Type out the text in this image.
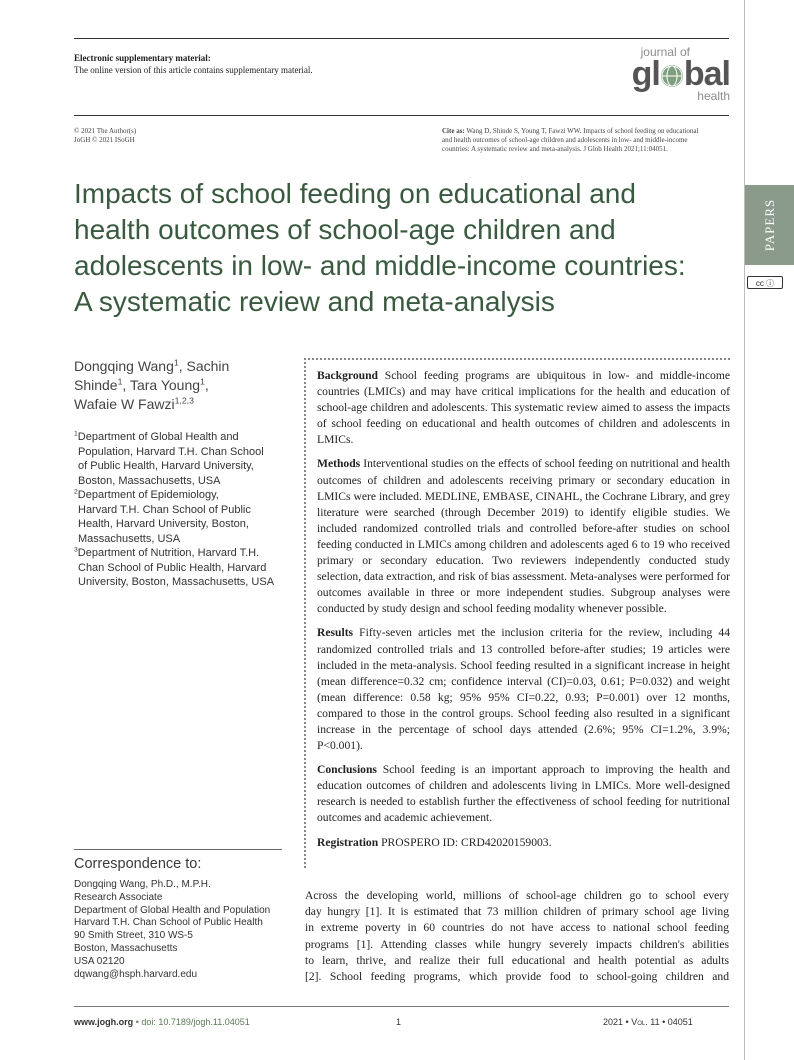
Electronic supplementary material:
The online version of this article contains supplementary material.
journal of
gl bal
health
© 2021 The Author(s)
JoGH © 2021 ISoGH
Cite as: Wang D, Shinde S, Young T, Fawzi WW. Impacts of school feeding on educational
and health outcomes of school-age children and adolescents in low- and middle-income
countries: A systematic review and meta-analysis. J Glob Health 2021;11:04051.
PAPERS
cc ⓘ
Impacts of school feeding on educational and
health outcomes of school-age children and
adolescents in low- and middle-income countries:
A systematic review and meta-analysis
Dongqing Wang$^1$, Sachin
Shinde$^1$, Tara Young$^1$,
Wafaie W Fawzi$^{1,2,3}$

$^1$Department of Global Health and

Population, Harvard T.H. Chan School

of Public Health, Harvard University,

Boston, Massachusetts, USA

$^2$Department of Epidemiology,

Harvard T.H. Chan School of Public

Health, Harvard University, Boston,

Massachusetts, USA

$^3$Department of Nutrition, Harvard T.H.

Chan School of Public Health, Harvard

University, Boston, Massachusetts, USA

Background School feeding programs are ubiquitous in low- and middle-income countries (LMICs) and may have critical implications for the health and education of school-age children and adolescents. This systematic review aimed to assess the impacts of school feeding on educational and health outcomes of children and adolescents in LMICs.

Methods Interventional studies on the effects of school feeding on nutritional and health outcomes of children and adolescents receiving primary or secondary education in LMICs were included. MEDLINE, EMBASE, CINAHL, the Cochrane Library, and grey literature were searched (through December 2019) to identify eligible studies. We included randomized controlled trials and controlled before-after studies on school feeding conducted in LMICs among children and adolescents aged 6 to 19 who received primary or secondary education. Two reviewers independently conducted study selection, data extraction, and risk of bias assessment. Meta-analyses were performed for outcomes available in three or more independent studies. Subgroup analyses were conducted by study design and school feeding modality whenever possible.

Results Fifty-seven articles met the inclusion criteria for the review, including 44 randomized controlled trials and 13 controlled before-after studies; 19 articles were included in the meta-analysis. School feeding resulted in a significant increase in height (mean difference=0.32 cm; confidence interval (CI)=0.03, 0.61; P=0.032) and weight (mean difference: 0.58 kg; 95% 95% CI=0.22, 0.93; P=0.001) over 12 months, compared to those in the control groups. School feeding also resulted in a significant increase in the percentage of school days attended (2.6%; 95% CI=1.2%, 3.9%; P<0.001).

Conclusions School feeding is an important approach to improving the health and education outcomes of children and adolescents living in LMICs. More well-designed research is needed to establish further the effectiveness of school feeding for nutritional outcomes and academic achievement.

Registration PROSPERO ID: CRD42020159003.

Correspondence to:
Dongqing Wang, Ph.D., M.P.H.
Research Associate
Department of Global Health and Population
Harvard T.H. Chan School of Public Health
90 Smith Street, 310 WS-5
Boston, Massachusetts
USA 02120
dqwang@hsph.harvard.edu
Across the developing world, millions of school-age children go to school every
day hungry [1]. It is estimated that 73 million children of primary school age living
in extreme poverty in 60 countries do not have access to national school feeding
programs [1]. Attending classes while hungry severely impacts children's abilities
to learn, thrive, and realize their full educational and health potential as adults
[2]. School feeding programs, which provide food to school-going children and
www.jogh.org • doi: 10.7189/jogh.11.04051	1	2021 • Vol. 11 • 04051
